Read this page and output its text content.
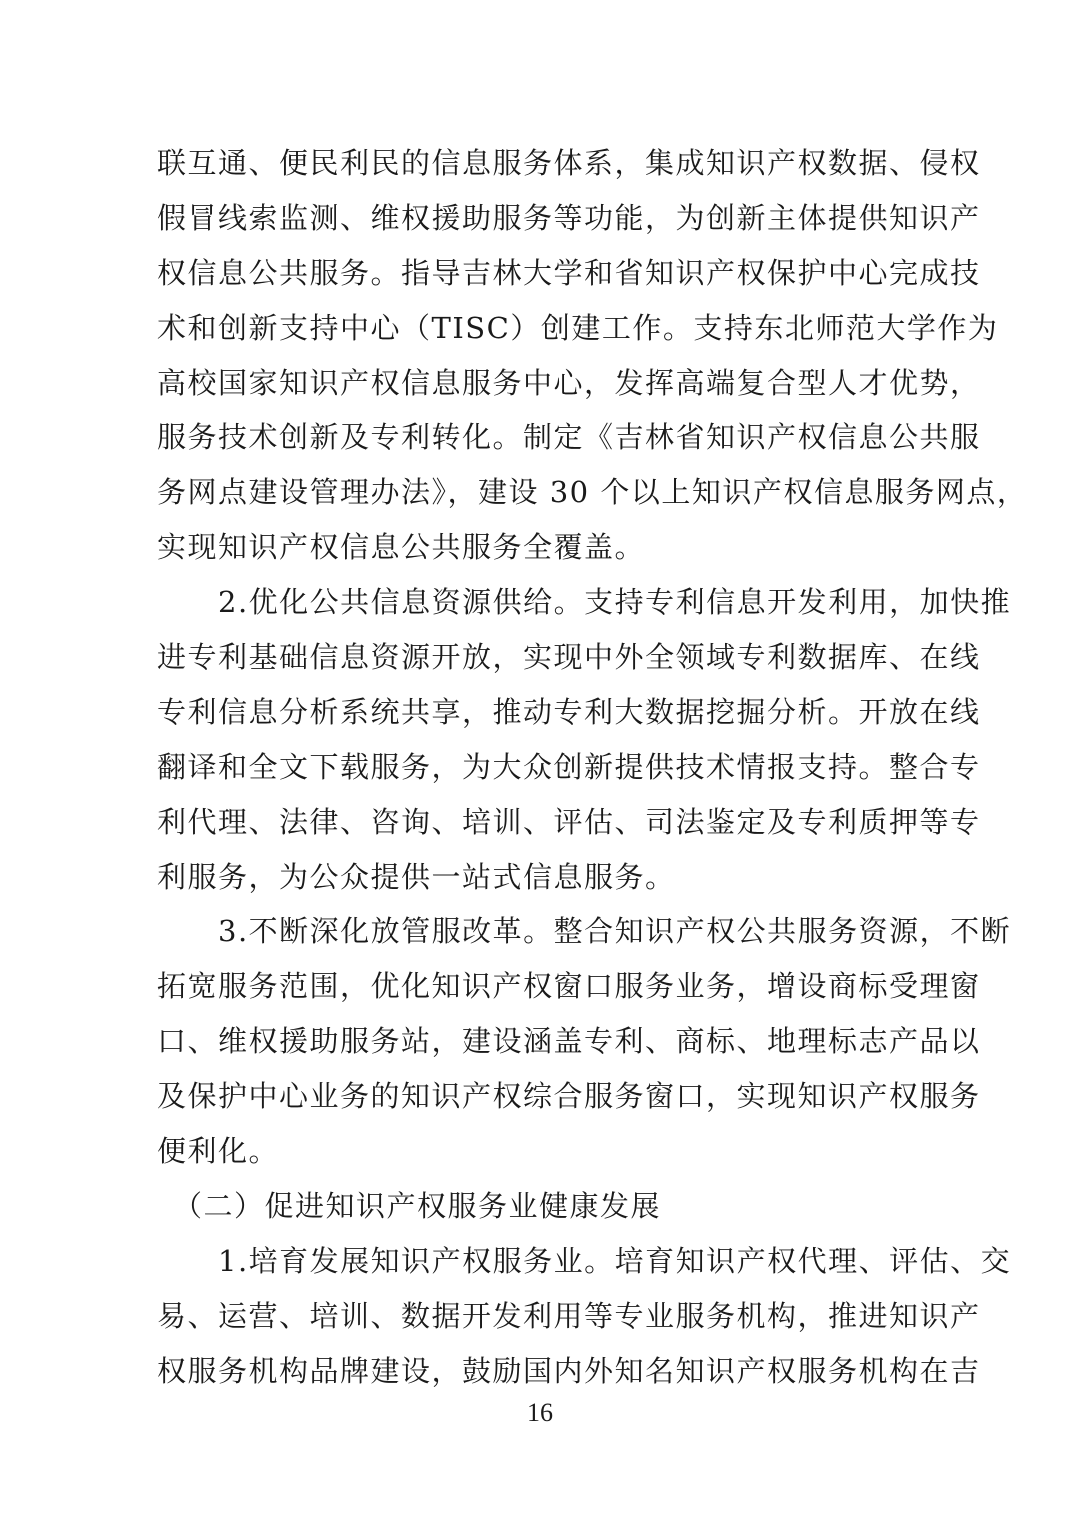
联互通、便民利民的信息服务体系，集成知识产权数据、侵权
假冒线索监测、维权援助服务等功能，为创新主体提供知识产
权信息公共服务。指导吉林大学和省知识产权保护中心完成技
术和创新支持中心（TISC）创建工作。支持东北师范大学作为
高校国家知识产权信息服务中心，发挥高端复合型人才优势，
服务技术创新及专利转化。制定《吉林省知识产权信息公共服
务网点建设管理办法》，建设 30 个以上知识产权信息服务网点，
实现知识产权信息公共服务全覆盖。
　　2.优化公共信息资源供给。支持专利信息开发利用，加快推
进专利基础信息资源开放，实现中外全领域专利数据库、在线
专利信息分析系统共享，推动专利大数据挖掘分析。开放在线
翻译和全文下载服务，为大众创新提供技术情报支持。整合专
利代理、法律、咨询、培训、评估、司法鉴定及专利质押等专
利服务，为公众提供一站式信息服务。
　　3.不断深化放管服改革。整合知识产权公共服务资源，不断
拓宽服务范围，优化知识产权窗口服务业务，增设商标受理窗
口、维权援助服务站，建设涵盖专利、商标、地理标志产品以
及保护中心业务的知识产权综合服务窗口，实现知识产权服务
便利化。
　（二）促进知识产权服务业健康发展
　　1.培育发展知识产权服务业。培育知识产权代理、评估、交
易、运营、培训、数据开发利用等专业服务机构，推进知识产
权服务机构品牌建设，鼓励国内外知名知识产权服务机构在吉
16
